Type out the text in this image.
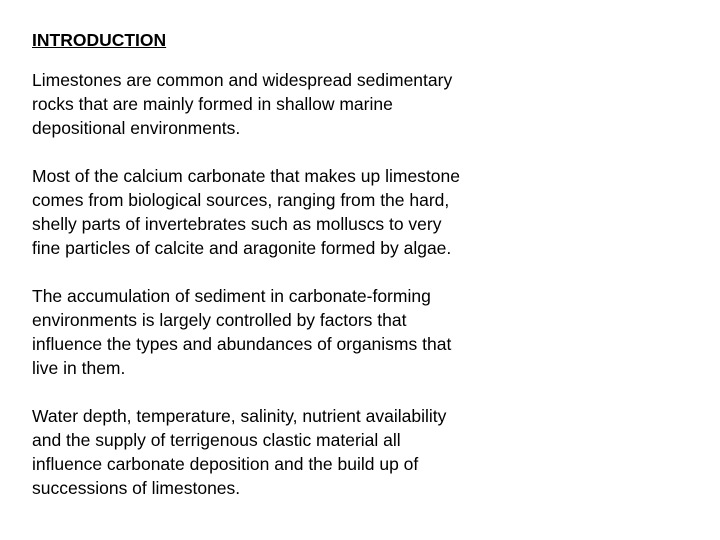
INTRODUCTION
Limestones are common and widespread sedimentary
rocks that are mainly formed in shallow marine
depositional environments.
Most of the calcium carbonate that makes up limestone
comes from biological sources, ranging from the hard,
shelly parts of invertebrates such as molluscs to very
fine particles of calcite and aragonite formed by algae.
The accumulation of sediment in carbonate-forming
environments is largely controlled by factors that
influence the types and abundances of organisms that
live in them.
Water depth, temperature, salinity, nutrient availability
and the supply of terrigenous clastic material all
influence carbonate deposition and the build up of
successions of limestones.
